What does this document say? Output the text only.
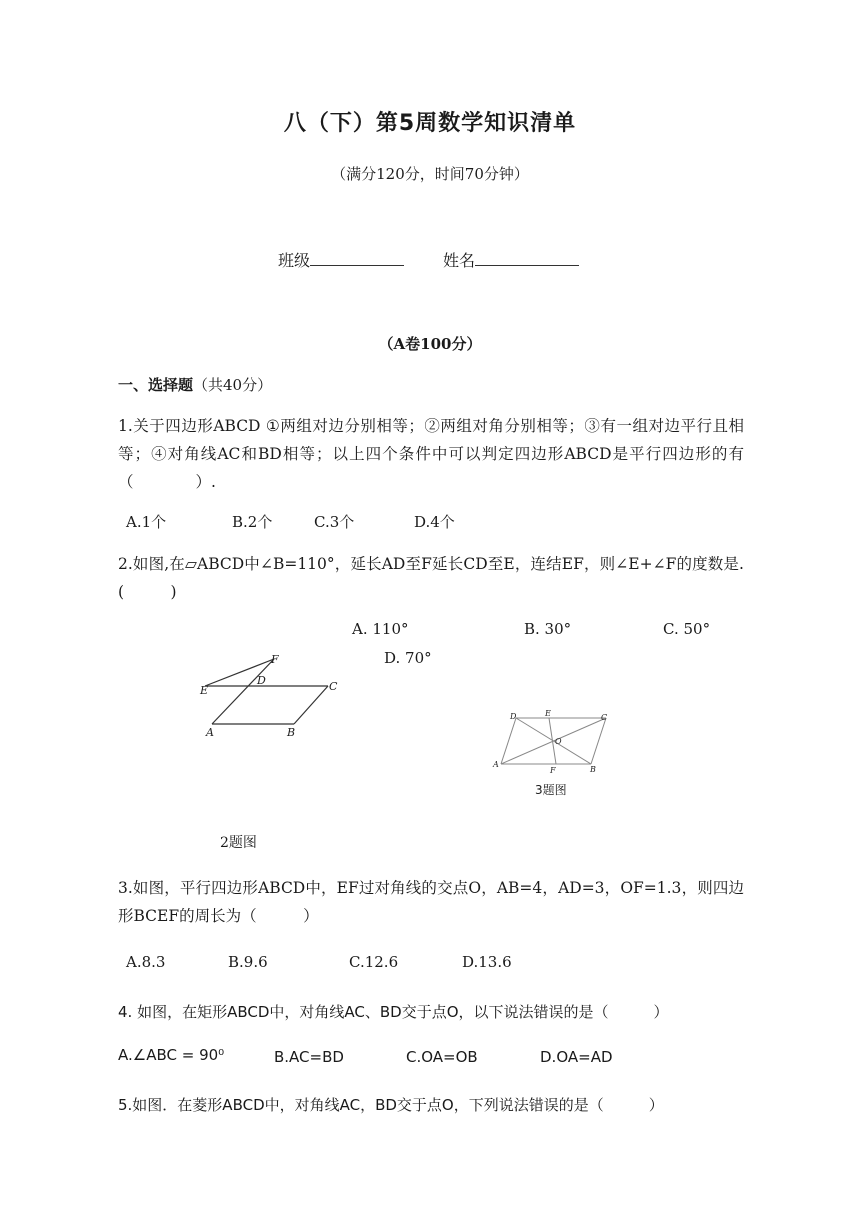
八（下）第5周数学知识清单
（满分120分，时间70分钟）
班级	姓名
（A卷100分）
一、选择题（共40分）
1.关于四边形ABCD ①两组对边分别相等；②两组对角分别相等；③有一组对边平行且相等；④对角线AC和BD相等；以上四个条件中可以判定四边形ABCD是平行四边形的有（　　　　）.
A.1个	B.2个	C.3个	D.4个
2.如图,在▱ABCD中∠B=110°，延长AD至F延长CD至E，连结EF，则∠E+∠F的度数是.(　　　)
A. 110°	B. 30°	C. 50°
D. 70°
F
D
E	C
A	B
D	E	C
O
A
F	B
3题图
2题图
3.如图，平行四边形ABCD中，EF过对角线的交点O，AB=4，AD=3，OF=1.3，则四边形BCEF的周长为（　　　）
A.8.3	B.9.6	C.12.6	D.13.6
4. 如图，在矩形ABCD中，对角线AC、BD交于点O，以下说法错误的是（　　　）
A.∠ABC = 90⁰	B.AC=BD	C.OA=OB	D.OA=AD
5.如图．在菱形ABCD中，对角线AC，BD交于点O，下列说法错误的是（　　　）
